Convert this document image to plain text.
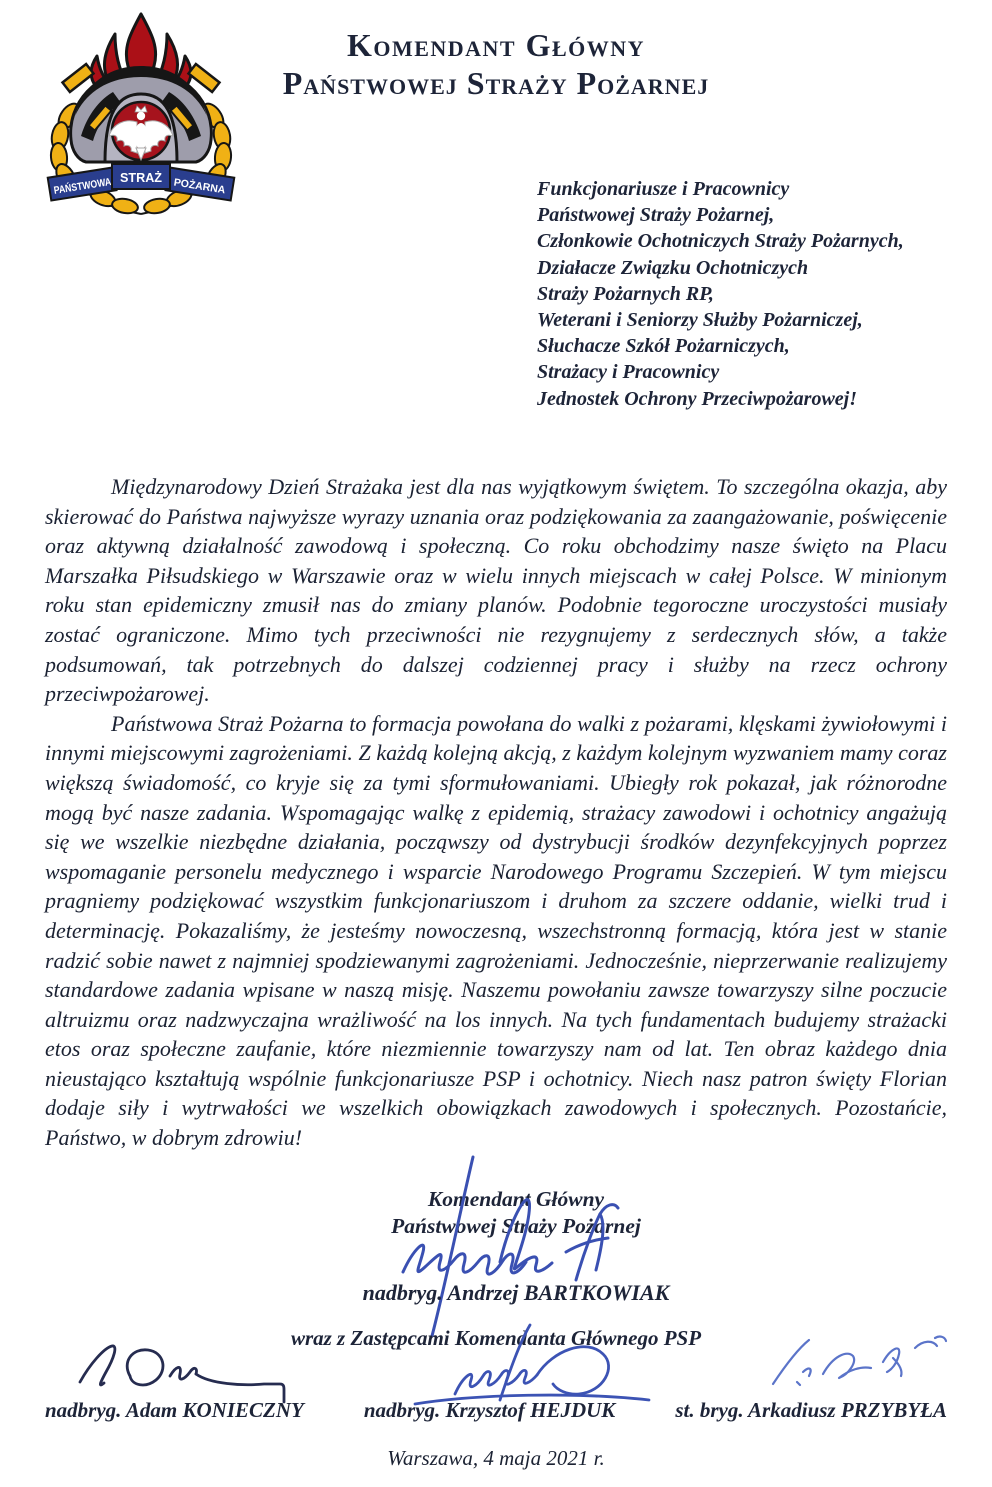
PAŃSTWOWA	POŻARNA
STRAŻ
Komendant Główny
Państwowej Straży Pożarnej
Funkcjonariusze i Pracownicy
Państwowej Straży Pożarnej,
Członkowie Ochotniczych Straży Pożarnych,
Działacze Związku Ochotniczych
Straży Pożarnych RP,
Weterani i Seniorzy Służby Pożarniczej,
Słuchacze Szkół Pożarniczych,
Strażacy i Pracownicy
Jednostek Ochrony Przeciwpożarowej!

Międzynarodowy Dzień Strażaka jest dla nas wyjątkowym świętem. To szczególna okazja, aby skierować do Państwa najwyższe wyrazy uznania oraz podziękowania za zaangażowanie, poświęcenie oraz aktywną działalność zawodową i społeczną. Co roku obchodzimy nasze święto na Placu Marszałka Piłsudskiego w Warszawie oraz w wielu innych miejscach w całej Polsce. W minionym roku stan epidemiczny zmusił nas do zmiany planów. Podobnie tegoroczne uroczystości musiały zostać ograniczone. Mimo tych przeciwności nie rezygnujemy z serdecznych słów, a także podsumowań, tak potrzebnych do dalszej codziennej pracy i służby na rzecz ochrony przeciwpożarowej.

Państwowa Straż Pożarna to formacja powołana do walki z pożarami, klęskami żywiołowymi i innymi miejscowymi zagrożeniami. Z każdą kolejną akcją, z każdym kolejnym wyzwaniem mamy coraz większą świadomość, co kryje się za tymi sformułowaniami. Ubiegły rok pokazał, jak różnorodne mogą być nasze zadania. Wspomagając walkę z epidemią, strażacy zawodowi i ochotnicy angażują się we wszelkie niezbędne działania, począwszy od dystrybucji środków dezynfekcyjnych poprzez wspomaganie personelu medycznego i wsparcie Narodowego Programu Szczepień. W tym miejscu pragniemy podziękować wszystkim funkcjonariuszom i druhom za szczere oddanie, wielki trud i determinację. Pokazaliśmy, że jesteśmy nowoczesną, wszechstronną formacją, która jest w stanie radzić sobie nawet z najmniej spodziewanymi zagrożeniami. Jednocześnie, nieprzerwanie realizujemy standardowe zadania wpisane w naszą misję. Naszemu powołaniu zawsze towarzyszy silne poczucie altruizmu oraz nadzwyczajna wrażliwość na los innych. Na tych fundamentach budujemy strażacki etos oraz społeczne zaufanie, które niezmiennie towarzyszy nam od lat. Ten obraz każdego dnia nieustająco kształtują wspólnie funkcjonariusze PSP i ochotnicy. Niech nasz patron święty Florian dodaje siły i wytrwałości we wszelkich obowiązkach zawodowych i społecznych. Pozostańcie, Państwo, w dobrym zdrowiu!

Komendant Główny
Państwowej Straży Pożarnej
nadbryg. Andrzej BARTKOWIAK
wraz z Zastępcami Komendanta Głównego PSP
nadbryg. Adam KONIECZNY	nadbryg. Krzysztof HEJDUK	st. bryg. Arkadiusz PRZYBYŁA
Warszawa, 4 maja 2021 r.
